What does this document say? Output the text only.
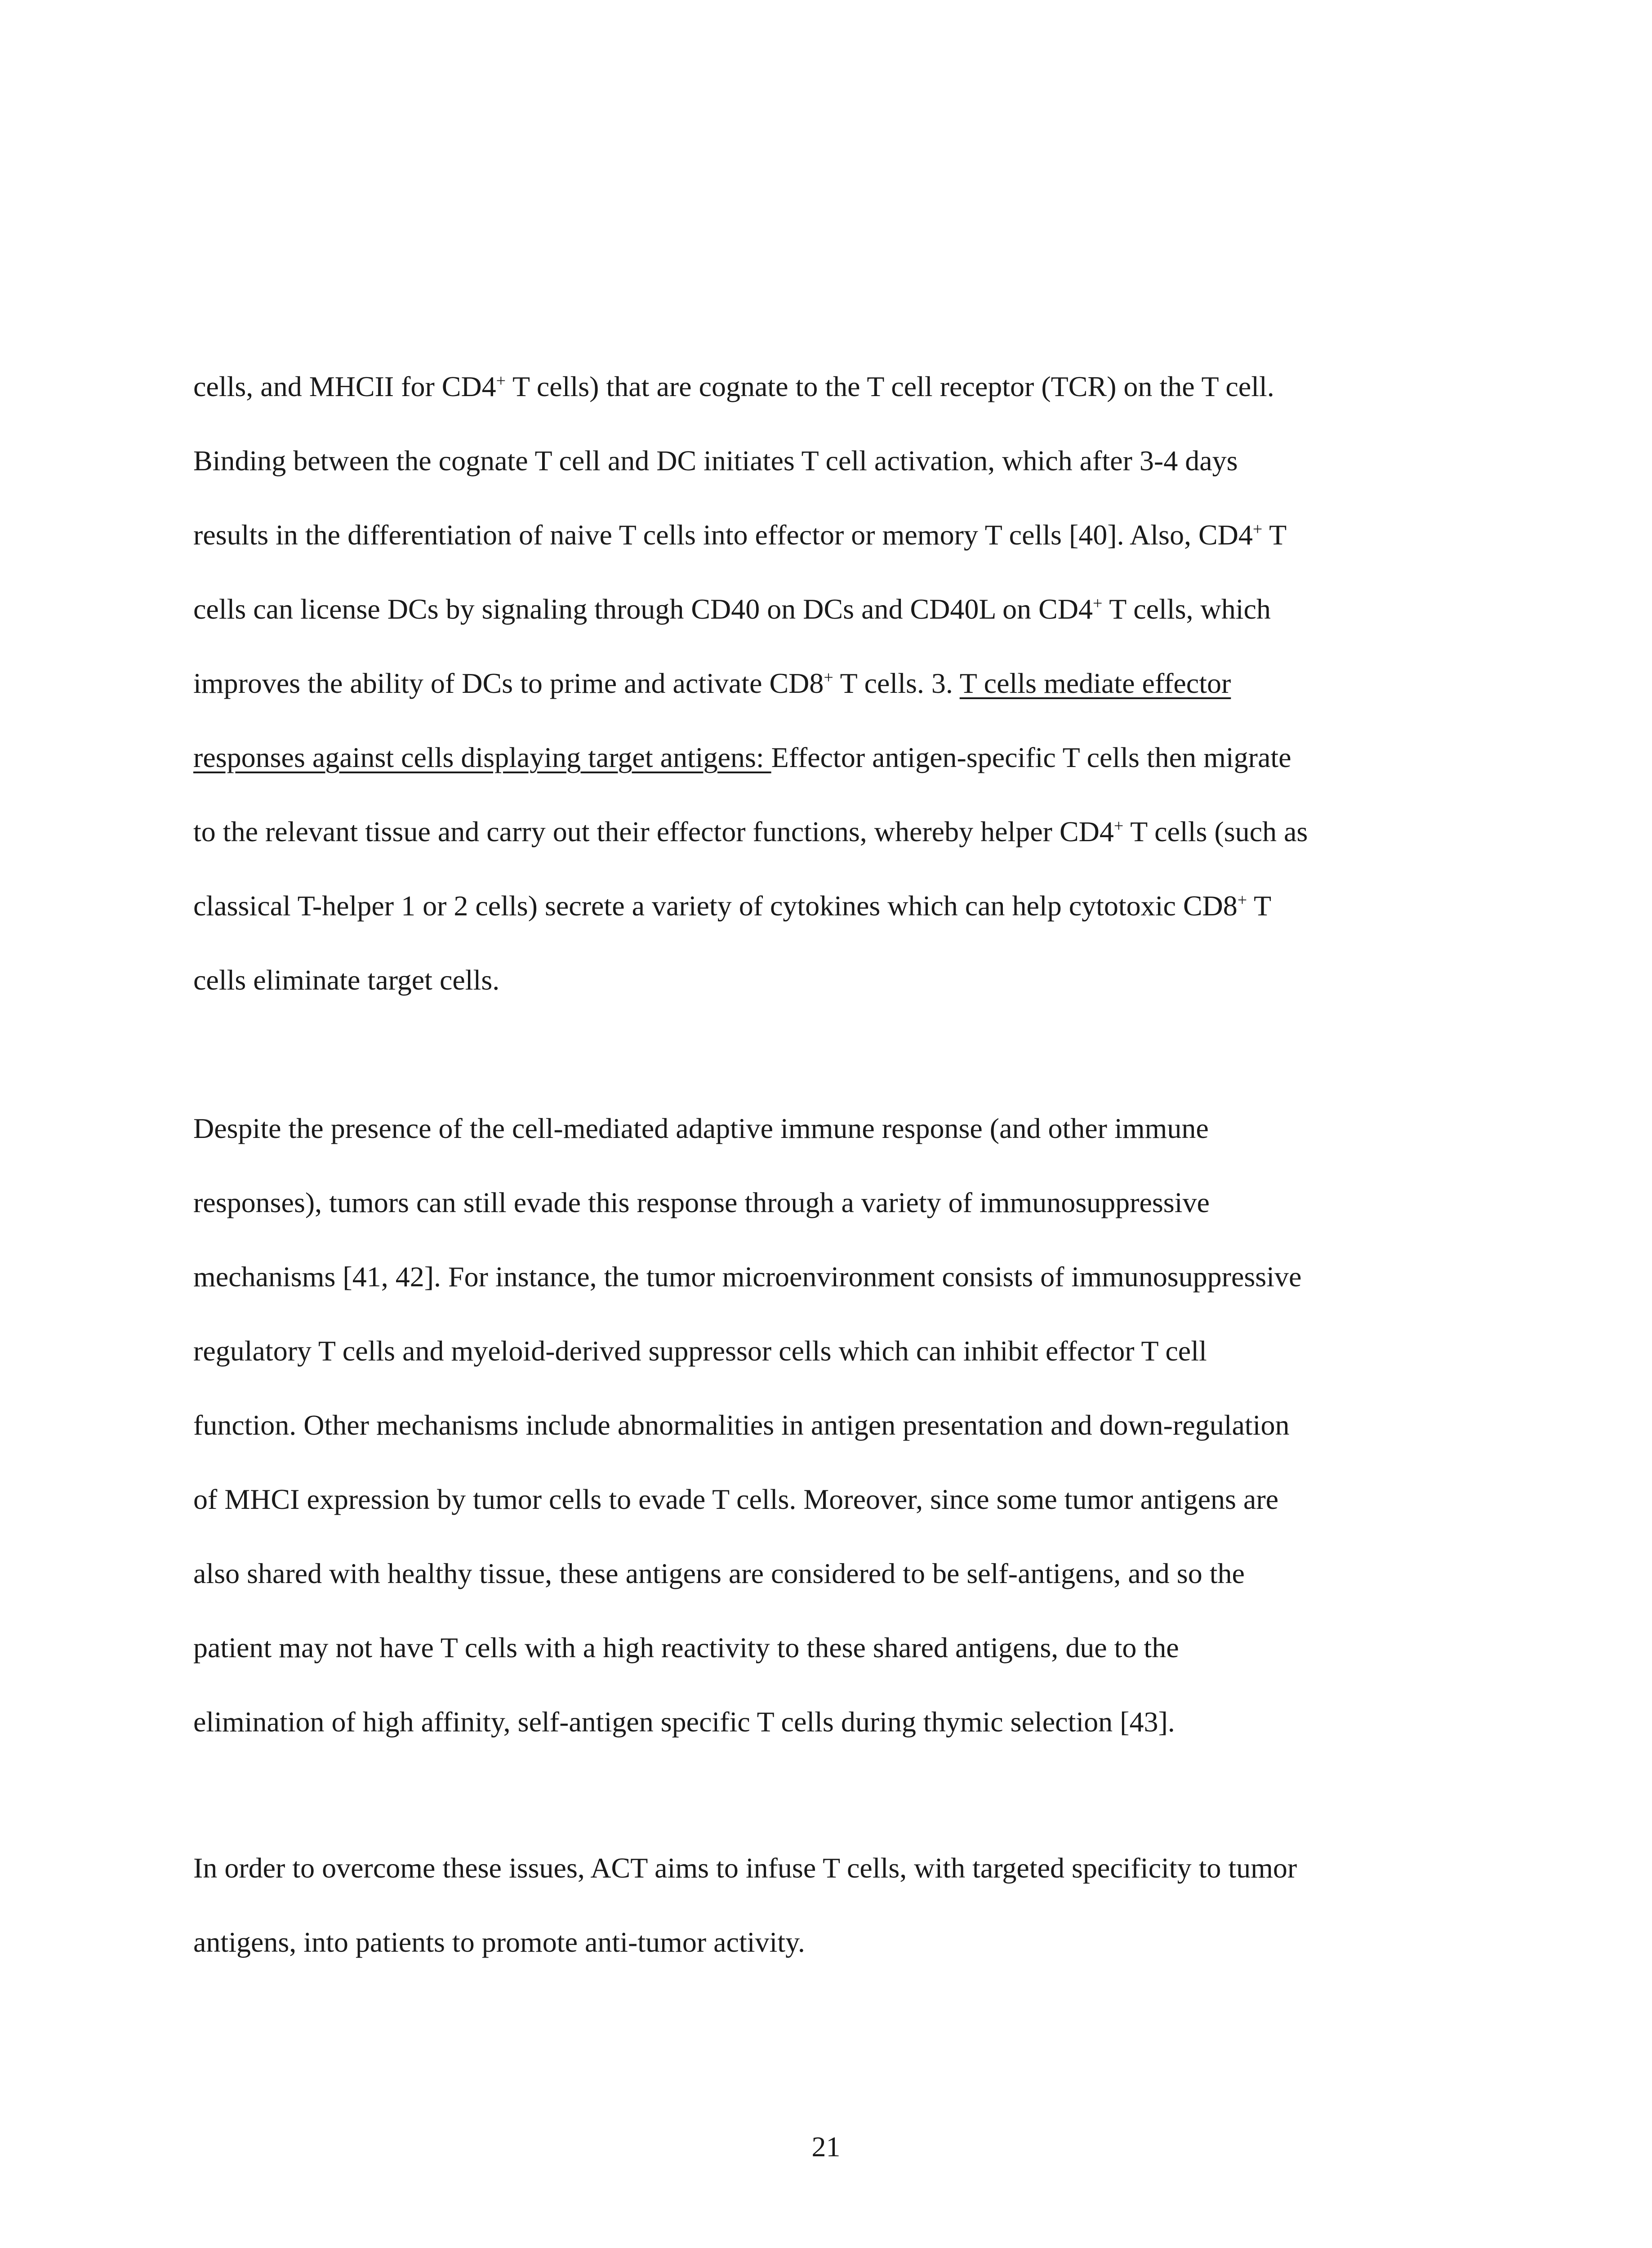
cells, and MHCII for CD4+ T cells) that are cognate to the T cell receptor (TCR) on the T cell.
Binding between the cognate T cell and DC initiates T cell activation, which after 3-4 days
results in the differentiation of naive T cells into effector or memory T cells [40]. Also, CD4+ T
cells can license DCs by signaling through CD40 on DCs and CD40L on CD4+ T cells, which
improves the ability of DCs to prime and activate CD8+ T cells. 3. T cells mediate effector
responses against cells displaying target antigens: Effector antigen-specific T cells then migrate
to the relevant tissue and carry out their effector functions, whereby helper CD4+ T cells (such as
classical T-helper 1 or 2 cells) secrete a variety of cytokines which can help cytotoxic CD8+ T
cells eliminate target cells.
Despite the presence of the cell-mediated adaptive immune response (and other immune
responses), tumors can still evade this response through a variety of immunosuppressive
mechanisms [41, 42]. For instance, the tumor microenvironment consists of immunosuppressive
regulatory T cells and myeloid-derived suppressor cells which can inhibit effector T cell
function. Other mechanisms include abnormalities in antigen presentation and down-regulation
of MHCI expression by tumor cells to evade T cells. Moreover, since some tumor antigens are
also shared with healthy tissue, these antigens are considered to be self-antigens, and so the
patient may not have T cells with a high reactivity to these shared antigens, due to the
elimination of high affinity, self-antigen specific T cells during thymic selection [43].
In order to overcome these issues, ACT aims to infuse T cells, with targeted specificity to tumor
antigens, into patients to promote anti-tumor activity.
21
